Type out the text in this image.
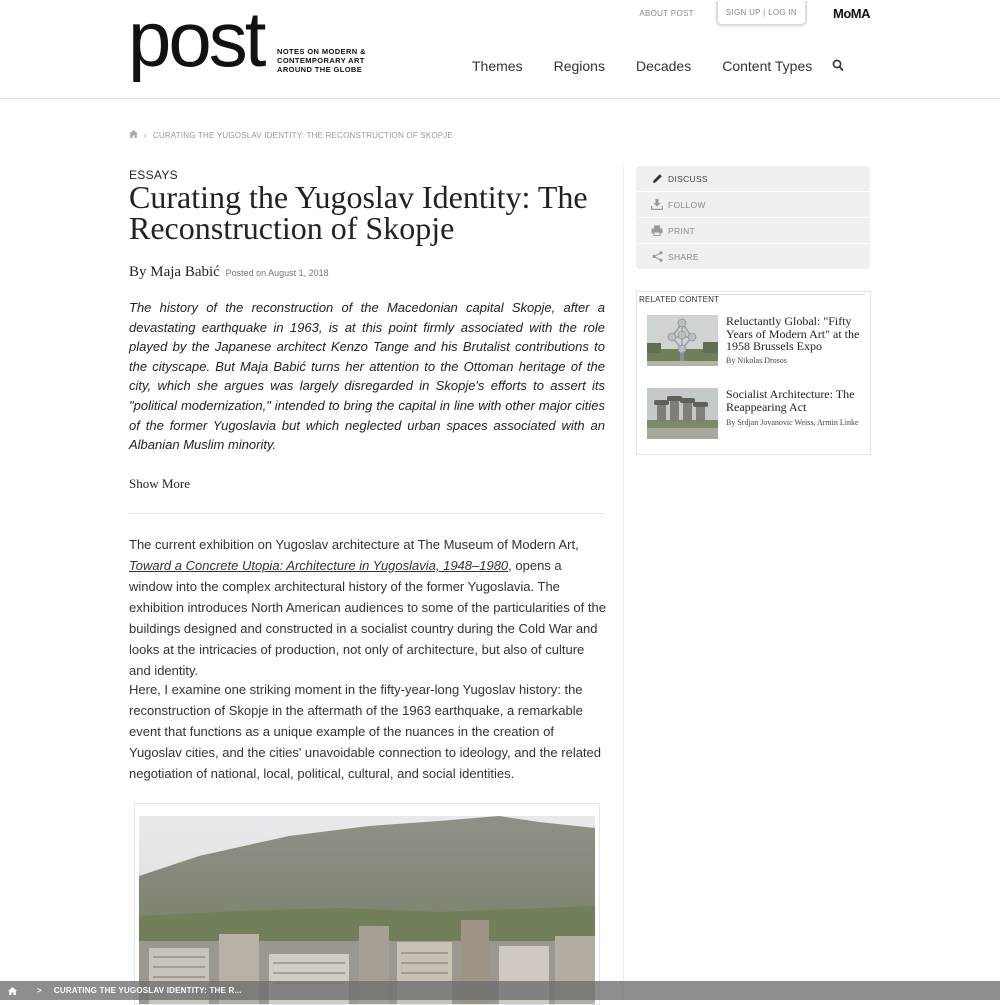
post NOTES ON MODERN & CONTEMPORARY ART AROUND THE GLOBE
ABOUT POST	SIGN UP | LOG IN	MoMA
Themes Regions Decades Content Types
› CURATING THE YUGOSLAV IDENTITY: THE RECONSTRUCTION OF SKOPJE
ESSAYS
Curating the Yugoslav Identity: The Reconstruction of Skopje
By Maja Babić Posted on August 1, 2018

The history of the reconstruction of the Macedonian capital Skopje, after a devastating earthquake in 1963, is at this point firmly associated with the role played by the Japanese architect Kenzo Tange and his Brutalist contributions to the cityscape. But Maja Babić turns her attention to the Ottoman heritage of the city, which she argues was largely disregarded in Skopje's efforts to assert its "political modernization," intended to bring the capital in line with other major cities of the former Yugoslavia but which neglected urban spaces associated with an Albanian Muslim minority.

Show More

The current exhibition on Yugoslav architecture at The Museum of Modern Art, Toward a Concrete Utopia: Architecture in Yugoslavia, 1948–1980, opens a window into the complex architectural history of the former Yugoslavia. The exhibition introduces North American audiences to some of the particularities of the buildings designed and constructed in a socialist country during the Cold War and looks at the intricacies of production, not only of architecture, but also of culture and identity.

Here, I examine one striking moment in the fifty-year-long Yugoslav history: the reconstruction of Skopje in the aftermath of the 1963 earthquake, a remarkable event that functions as a unique example of the nuances in the creation of Yugoslav cities, and the cities' unavoidable connection to ideology, and the related negotiation of national, local, political, cultural, and social identities.

DISCUSS
FOLLOW
PRINT
SHARE
RELATED CONTENT
Reluctantly Global: "Fifty Years of Modern Art" at the 1958 Brussels Expo
By Nikolas Drosos
Socialist Architecture: The Reappearing Act
By Srdjan Jovanovic Weiss, Armin Linke
> CURATING THE YUGOSLAV IDENTITY: THE R...
